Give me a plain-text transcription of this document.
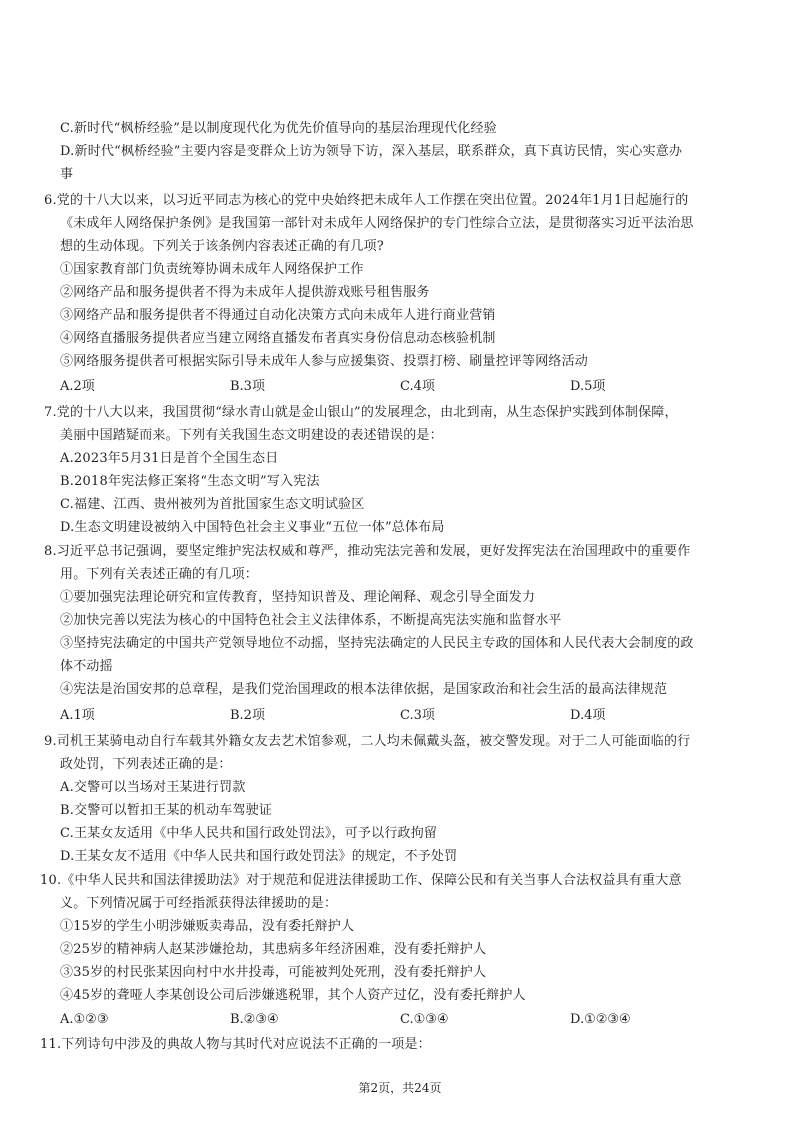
C.新时代“枫桥经验”是以制度现代化为优先价值导向的基层治理现代化经验
D.新时代“枫桥经验”主要内容是变群众上访为领导下访，深入基层，联系群众，真下真访民情，实心实意办
事
6.党的十八大以来，以习近平同志为核心的党中央始终把未成年人工作摆在突出位置。2024年1月1日起施行的
《未成年人网络保护条例》是我国第一部针对未成年人网络保护的专门性综合立法，是贯彻落实习近平法治思
想的生动体现。下列关于该条例内容表述正确的有几项?
①国家教育部门负责统筹协调未成年人网络保护工作
②网络产品和服务提供者不得为未成年人提供游戏账号租售服务
③网络产品和服务提供者不得通过自动化决策方式向未成年人进行商业营销
④网络直播服务提供者应当建立网络直播发布者真实身份信息动态核验机制
⑤网络服务提供者可根据实际引导未成年人参与应援集资、投票打榜、刷量控评等网络活动
A.2项	B.3项	C.4项	D.5项
7.党的十八大以来，我国贯彻“绿水青山就是金山银山”的发展理念，由北到南，从生态保护实践到体制保障，
美丽中国踏疑而来。下列有关我国生态文明建设的表述错误的是：
A.2023年5月31日是首个全国生态日
B.2018年宪法修正案将“生态文明”写入宪法
C.福建、江西、贵州被列为首批国家生态文明试验区
D.生态文明建设被纳入中国特色社会主义事业“五位一体”总体布局
8.习近平总书记强调，要坚定维护宪法权威和尊严，推动宪法完善和发展，更好发挥宪法在治国理政中的重要作
用。下列有关表述正确的有几项：
①要加强宪法理论研究和宣传教育，坚持知识普及、理论阐释、观念引导全面发力
②加快完善以宪法为核心的中国特色社会主义法律体系，不断提高宪法实施和监督水平
③坚持宪法确定的中国共产党领导地位不动摇，坚持宪法确定的人民民主专政的国体和人民代表大会制度的政
体不动摇
④宪法是治国安邦的总章程，是我们党治国理政的根本法律依据，是国家政治和社会生活的最高法律规范
A.1项	B.2项	C.3项	D.4项
9.司机王某骑电动自行车载其外籍女友去艺术馆参观，二人均未佩戴头盔，被交警发现。对于二人可能面临的行
政处罚，下列表述正确的是：
A.交警可以当场对王某进行罚款
B.交警可以暂扣王某的机动车驾驶证
C.王某女友适用《中华人民共和国行政处罚法》，可予以行政拘留
D.王某女友不适用《中华人民共和国行政处罚法》的规定，不予处罚
10.《中华人民共和国法律援助法》对于规范和促进法律援助工作、保障公民和有关当事人合法权益具有重大意
义。下列情况属于可经指派获得法律援助的是：
①15岁的学生小明涉嫌贩卖毒品，没有委托辩护人
②25岁的精神病人赵某涉嫌抢劫，其患病多年经济困难，没有委托辩护人
③35岁的村民张某因向村中水井投毒，可能被判处死刑，没有委托辩护人
④45岁的聋哑人李某创设公司后涉嫌逃税罪，其个人资产过亿，没有委托辩护人
A.①②③	B.②③④	C.①③④	D.①②③④
11.下列诗句中涉及的典故人物与其时代对应说法不正确的一项是：
第2页，共24页
